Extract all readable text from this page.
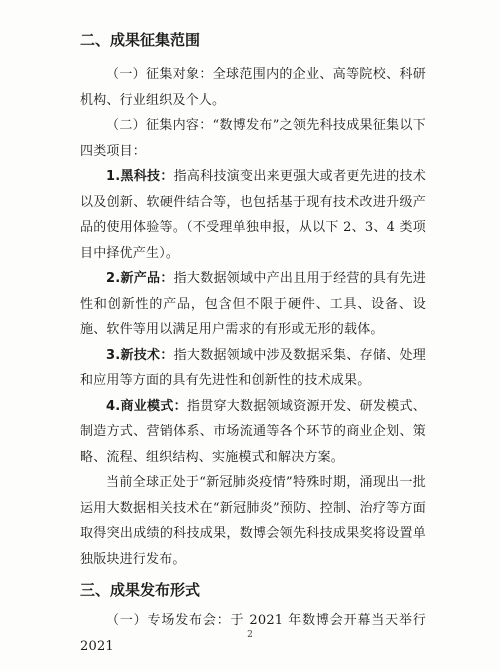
二、成果征集范围

（一）征集对象：全球范围内的企业、高等院校、科研机构、行业组织及个人。

（二）征集内容：“数博发布”之领先科技成果征集以下四类项目：

1.黑科技：指高科技演变出来更强大或者更先进的技术以及创新、软硬件结合等，也包括基于现有技术改进升级产品的使用体验等。（不受理单独申报，从以下 2、3、4 类项目中择优产生）。

2.新产品：指大数据领域中产出且用于经营的具有先进性和创新性的产品，包含但不限于硬件、工具、设备、设施、软件等用以满足用户需求的有形或无形的载体。

3.新技术：指大数据领域中涉及数据采集、存储、处理和应用等方面的具有先进性和创新性的技术成果。

4.商业模式：指贯穿大数据领域资源开发、研发模式、制造方式、营销体系、市场流通等各个环节的商业企划、策略、流程、组织结构、实施模式和解决方案。

当前全球正处于“新冠肺炎疫情”特殊时期，涌现出一批运用大数据相关技术在“新冠肺炎”预防、控制、治疗等方面取得突出成绩的科技成果，数博会领先科技成果奖将设置单独版块进行发布。

三、成果发布形式

（一）专场发布会：于 2021 年数博会开幕当天举行 2021

2
